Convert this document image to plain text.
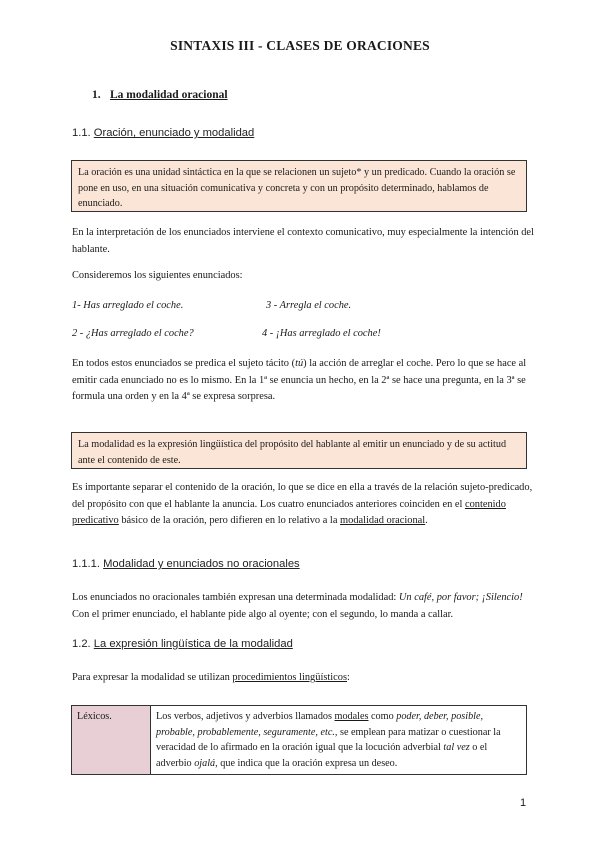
SINTAXIS III - CLASES DE ORACIONES
1. La modalidad oracional
1.1. Oración, enunciado y modalidad
La oración es una unidad sintáctica en la que se relacionen un sujeto* y un predicado. Cuando la oración se pone en uso, en una situación comunicativa y concreta y con un propósito determinado, hablamos de enunciado.
En la interpretación de los enunciados interviene el contexto comunicativo, muy especialmente la intención del hablante.
Consideremos los siguientes enunciados:
1- Has arreglado el coche.	3 - Arregla el coche.
2 - ¿Has arreglado el coche?	4 - ¡Has arreglado el coche!
En todos estos enunciados se predica el sujeto tácito (tú) la acción de arreglar el coche. Pero lo que se hace al emitir cada enunciado no es lo mismo. En la 1ª se enuncia un hecho, en la 2ª se hace una pregunta, en la 3ª se formula una orden y en la 4ª se expresa sorpresa.
La modalidad es la expresión lingüística del propósito del hablante al emitir un enunciado y de su actitud ante el contenido de este.
Es importante separar el contenido de la oración, lo que se dice en ella a través de la relación sujeto-predicado, del propósito con que el hablante la anuncia. Los cuatro enunciados anteriores coinciden en el contenido predicativo básico de la oración, pero difieren en lo relativo a la modalidad oracional.
1.1.1. Modalidad y enunciados no oracionales
Los enunciados no oracionales también expresan una determinada modalidad: Un café, por favor; ¡Silencio! Con el primer enunciado, el hablante pide algo al oyente; con el segundo, lo manda a callar.
1.2. La expresión lingüística de la modalidad
Para expresar la modalidad se utilizan procedimientos lingüísticos:
Léxicos.	Los verbos, adjetivos y adverbios llamados modales como poder, deber, posible, probable, probablemente, seguramente, etc., se emplean para matizar o cuestionar la veracidad de lo afirmado en la oración igual que la locución adverbial tal vez o el adverbio ojalá, que indica que la oración expresa un deseo.
1
